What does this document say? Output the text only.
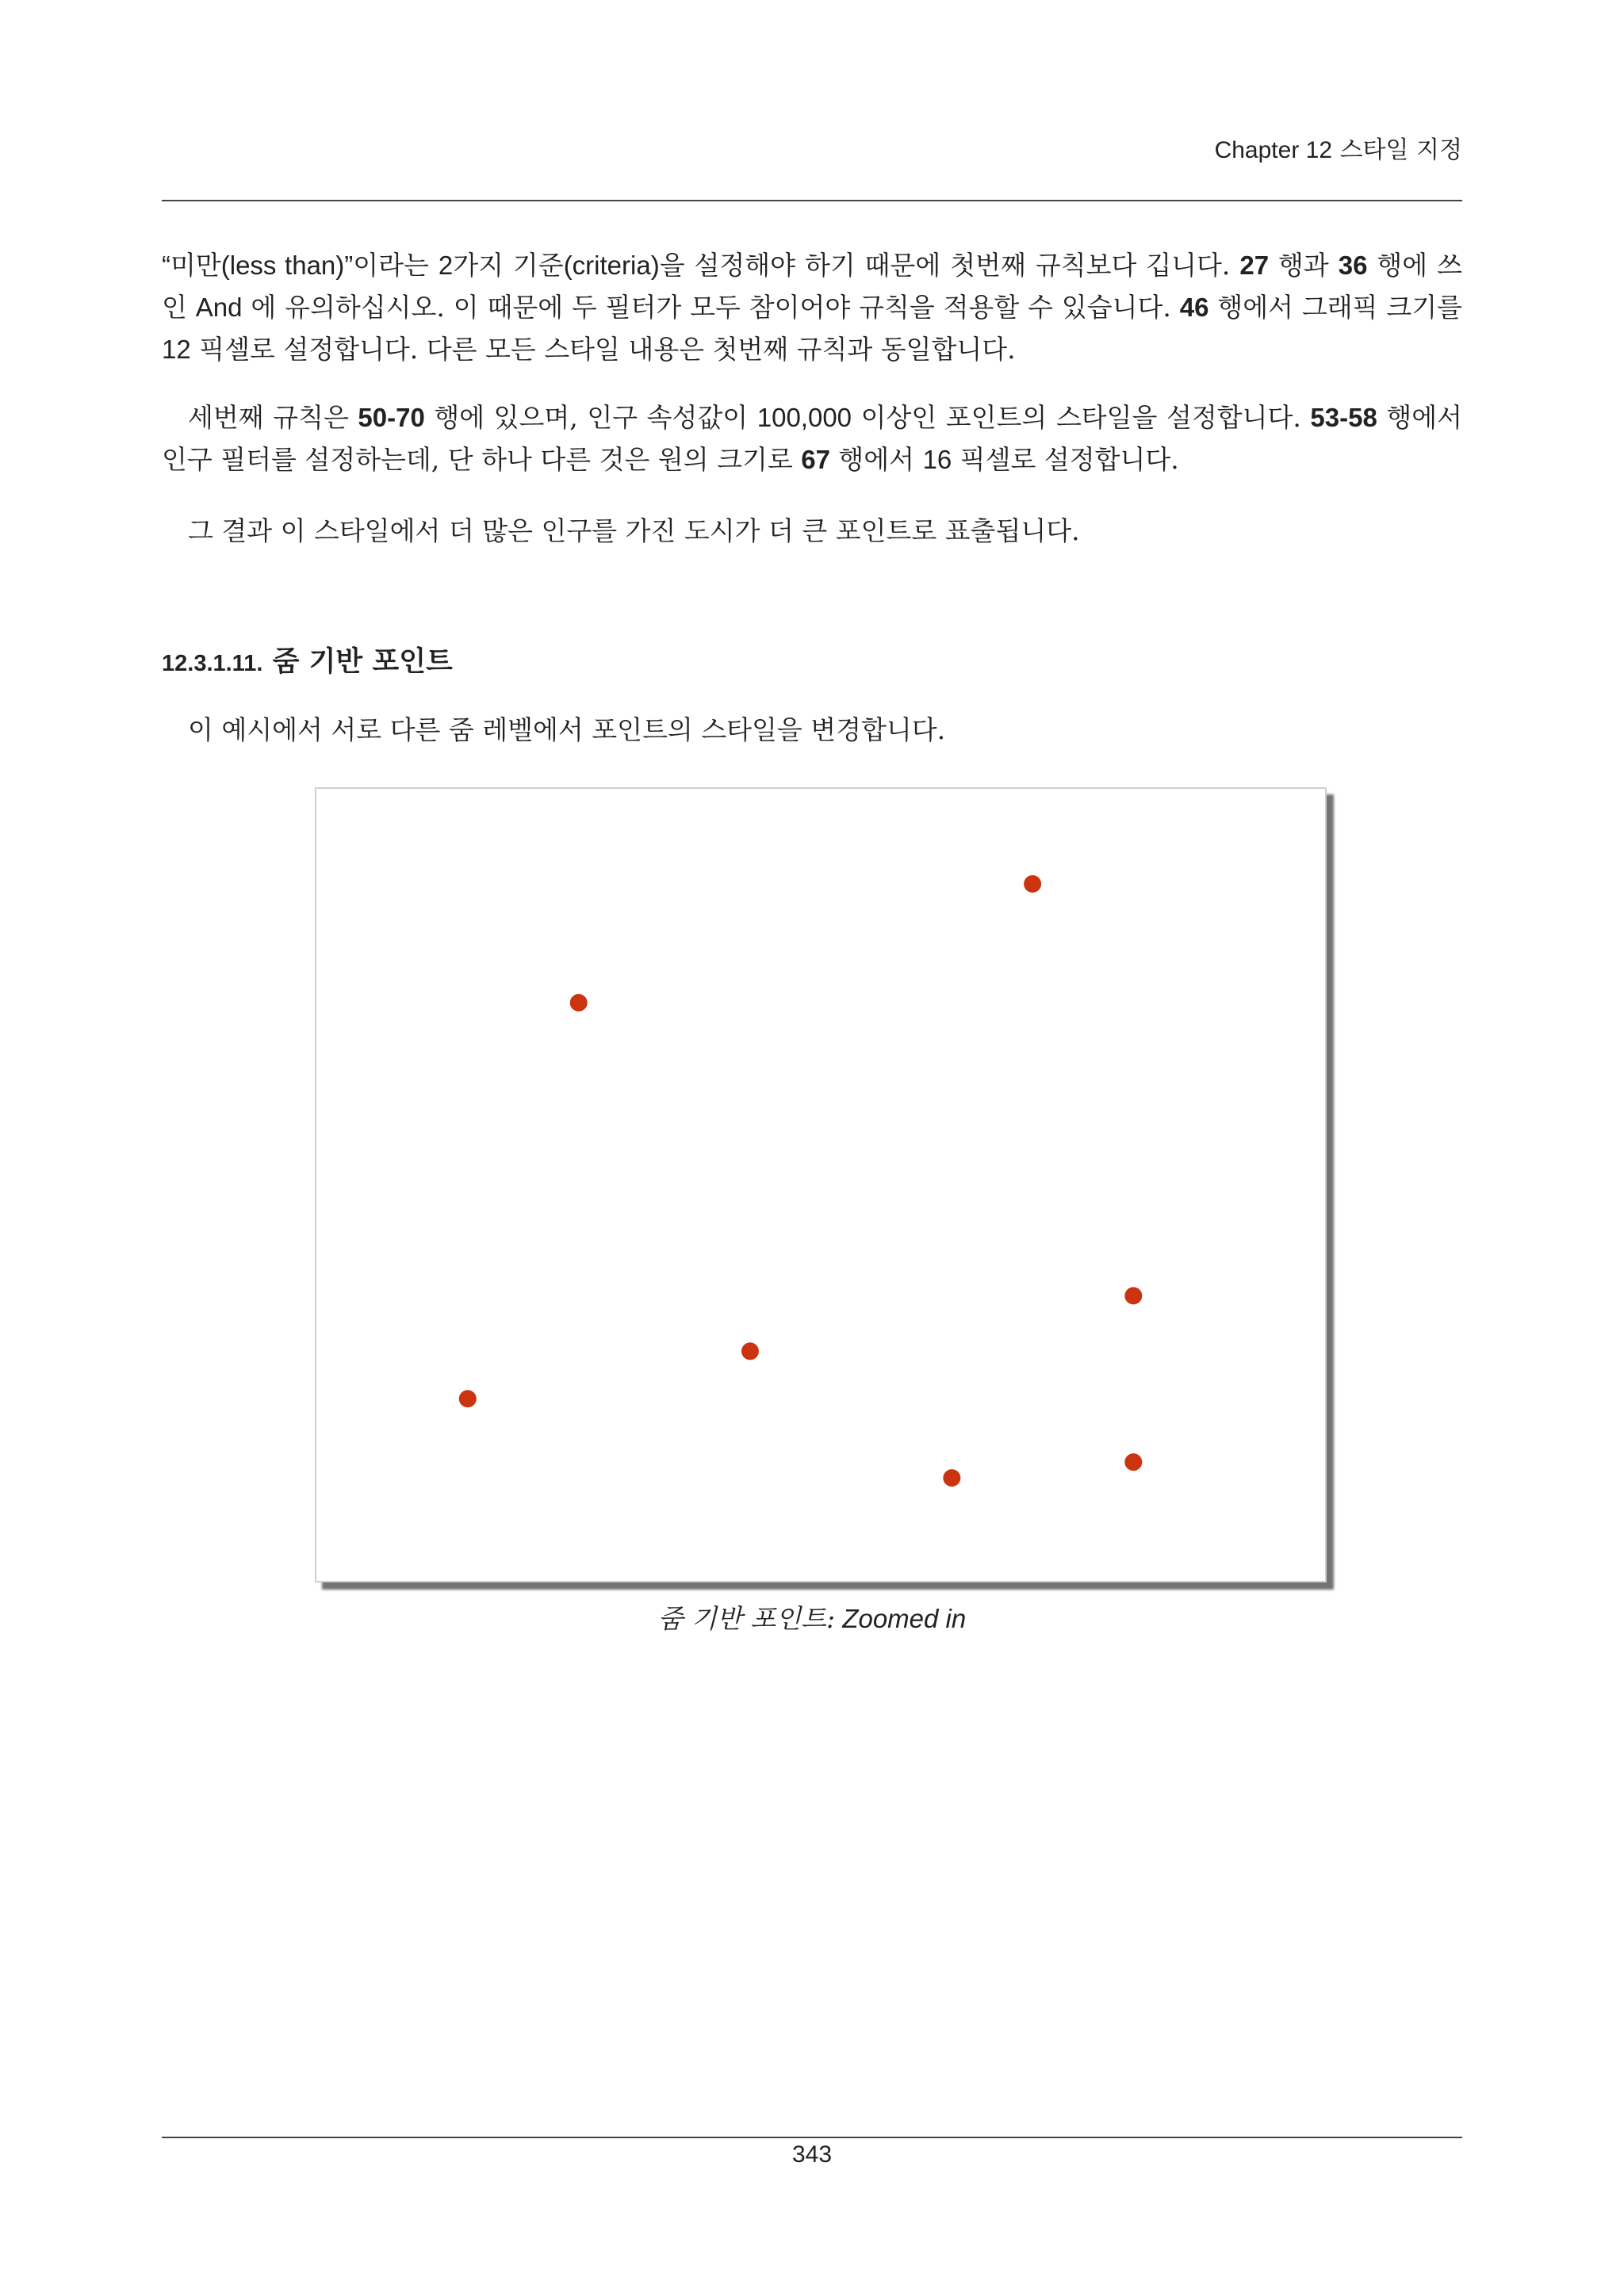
Chapter 12 스타일 지정

“미만(less than)”이라는 2가지 기준(criteria)을 설정해야 하기 때문에 첫번째 규칙보다 깁니다. 27 행과 36 행에 쓰인 And 에 유의하십시오. 이 때문에 두 필터가 모두 참이어야 규칙을 적용할 수 있습니다. 46 행에서 그래픽 크기를 12 픽셀로 설정합니다. 다른 모든 스타일 내용은 첫번째 규칙과 동일합니다.

세번째 규칙은 50-70 행에 있으며, 인구 속성값이 100,000 이상인 포인트의 스타일을 설정합니다. 53-58 행에서 인구 필터를 설정하는데, 단 하나 다른 것은 원의 크기로 67 행에서 16 픽셀로 설정합니다.

그 결과 이 스타일에서 더 많은 인구를 가진 도시가 더 큰 포인트로 표출됩니다.

12.3.1.11. 줌 기반 포인트

이 예시에서 서로 다른 줌 레벨에서 포인트의 스타일을 변경합니다.

줌 기반 포인트: Zoomed in
343
